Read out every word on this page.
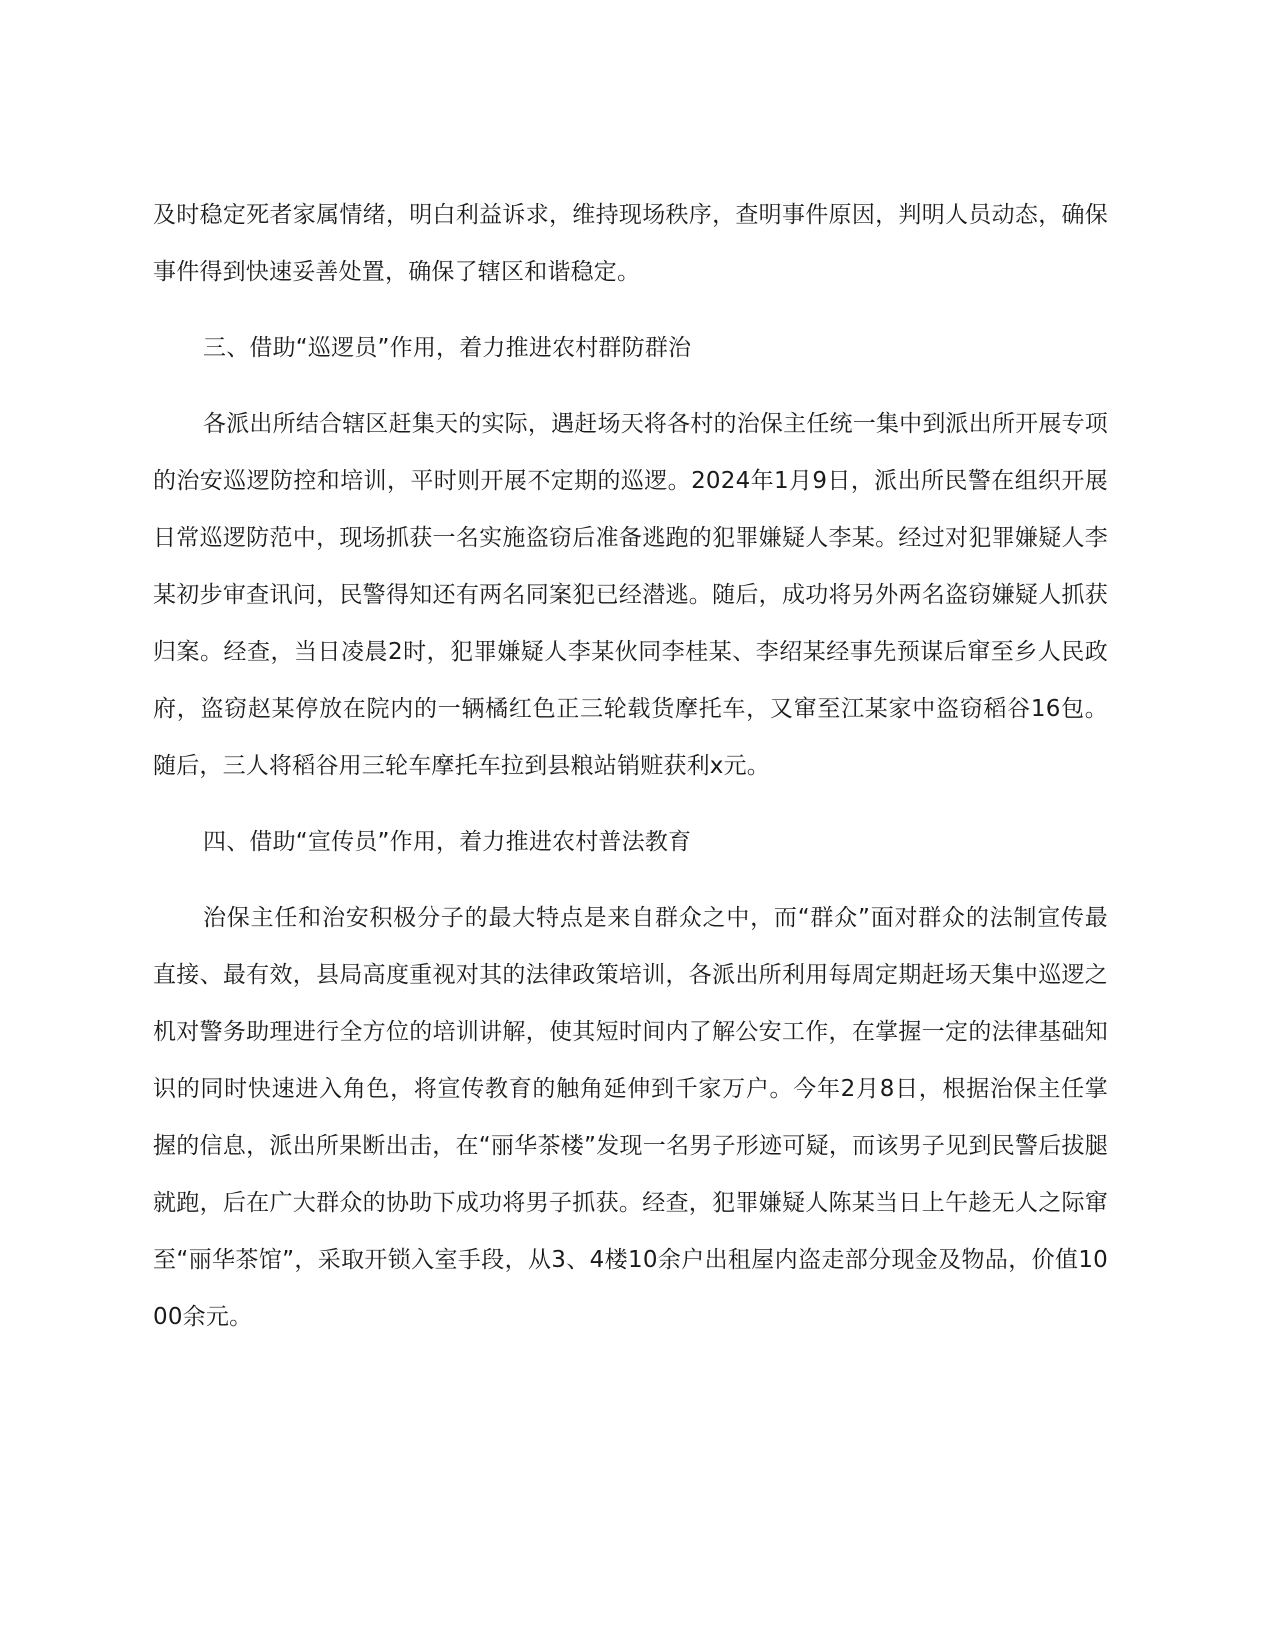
及时稳定死者家属情绪，明白利益诉求，维持现场秩序，查明事件原因，判明人员动态，确保事件得到快速妥善处置，确保了辖区和谐稳定。

三、借助“巡逻员”作用，着力推进农村群防群治

各派出所结合辖区赶集天的实际，遇赶场天将各村的治保主任统一集中到派出所开展专项的治安巡逻防控和培训，平时则开展不定期的巡逻。2024年1月9日，派出所民警在组织开展日常巡逻防范中，现场抓获一名实施盗窃后准备逃跑的犯罪嫌疑人李某。经过对犯罪嫌疑人李某初步审查讯问，民警得知还有两名同案犯已经潜逃。随后，成功将另外两名盗窃嫌疑人抓获归案。经查，当日凌晨2时，犯罪嫌疑人李某伙同李桂某、李绍某经事先预谋后窜至乡人民政府，盗窃赵某停放在院内的一辆橘红色正三轮载货摩托车，又窜至江某家中盗窃稻谷16包。随后，三人将稻谷用三轮车摩托车拉到县粮站销赃获利x元。

四、借助“宣传员”作用，着力推进农村普法教育

治保主任和治安积极分子的最大特点是来自群众之中，而“群众”面对群众的法制宣传最直接、最有效，县局高度重视对其的法律政策培训，各派出所利用每周定期赶场天集中巡逻之机对警务助理进行全方位的培训讲解，使其短时间内了解公安工作，在掌握一定的法律基础知识的同时快速进入角色，将宣传教育的触角延伸到千家万户。今年2月8日，根据治保主任掌握的信息，派出所果断出击，在“丽华茶楼”发现一名男子形迹可疑，而该男子见到民警后拔腿就跑，后在广大群众的协助下成功将男子抓获。经查，犯罪嫌疑人陈某当日上午趁无人之际窜至“丽华茶馆”，采取开锁入室手段，从3、4楼10余户出租屋内盗走部分现金及物品，价值1000余元。
